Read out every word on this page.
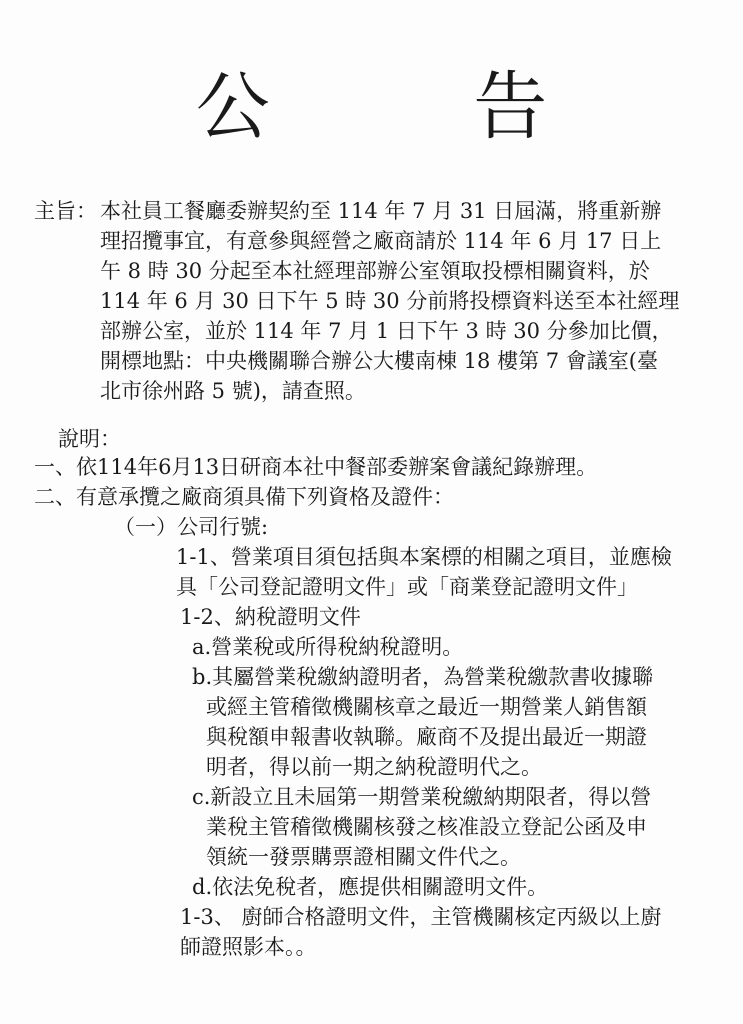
公 告
主旨： 本社員工餐廳委辦契約至 114 年 7 月 31 日屆滿，將重新辦
理招攬事宜，有意參與經營之廠商請於 114 年 6 月 17 日上
午 8 時 30 分起至本社經理部辦公室領取投標相關資料，於
114 年 6 月 30 日下午 5 時 30 分前將投標資料送至本社經理
部辦公室，並於 114 年 7 月 1 日下午 3 時 30 分參加比價，
開標地點：中央機關聯合辦公大樓南棟 18 樓第 7 會議室(臺
北市徐州路 5 號)，請查照。
說明：
一、依114年6月13日研商本社中餐部委辦案會議紀錄辦理。
二、有意承攬之廠商須具備下列資格及證件：
（一）公司行號:
1-1、營業項目須包括與本案標的相關之項目，並應檢
具「公司登記證明文件」或「商業登記證明文件」
1-2、納稅證明文件
a.營業稅或所得稅納稅證明。
b.其屬營業稅繳納證明者，為營業稅繳款書收據聯
或經主管稽徵機關核章之最近一期營業人銷售額
與稅額申報書收執聯。廠商不及提出最近一期證
明者，得以前一期之納稅證明代之。
c.新設立且未屆第一期營業稅繳納期限者，得以營
業稅主管稽徵機關核發之核准設立登記公函及申
領統一發票購票證相關文件代之。
d.依法免稅者，應提供相關證明文件。
1-3、 廚師合格證明文件，主管機關核定丙級以上廚
師證照影本。。
